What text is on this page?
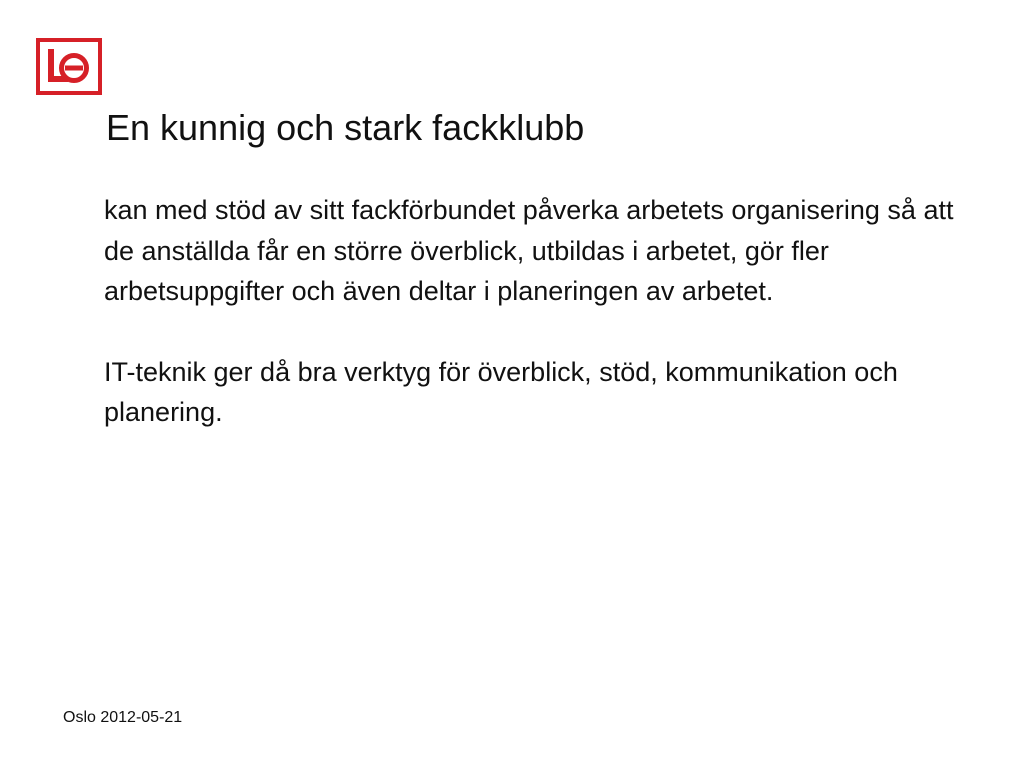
En kunnig och stark fackklubb

kan med stöd av sitt fackförbundet påverka arbetets organisering så att de anställda får en större överblick, utbildas i arbetet, gör fler arbetsuppgifter och även deltar i planeringen av arbetet.

IT-teknik ger då bra verktyg för överblick, stöd, kommunikation och planering.

Oslo 2012-05-21
